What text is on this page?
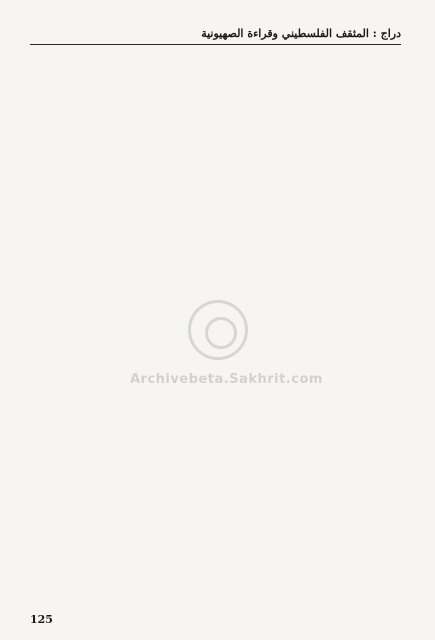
دراج : المثقف الفلسطيني وقراءة الصهيونية
Archivebeta.Sakhrit.com
125
